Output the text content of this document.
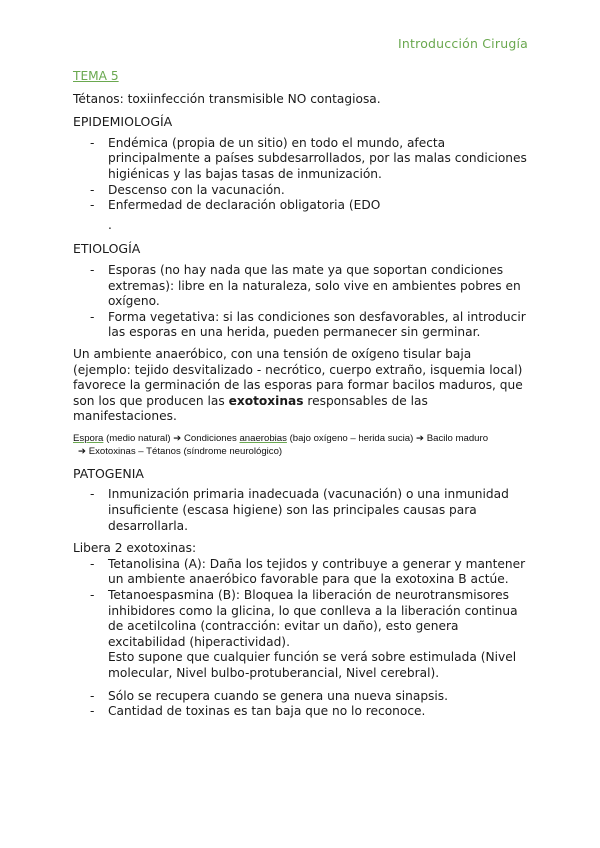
Introducción Cirugía
TEMA 5
Tétanos: toxiinfección transmisible NO contagiosa.
EPIDEMIOLOGÍA
- Endémica (propia de un sitio) en todo el mundo, afecta principalmente a países subdesarrollados, por las malas condiciones higiénicas y las bajas tasas de inmunización.
- Descenso con la vacunación.
- Enfermedad de declaración obligatoria (EDO
.
ETIOLOGÍA
- Esporas (no hay nada que las mate ya que soportan condiciones extremas): libre en la naturaleza, solo vive en ambientes pobres en oxígeno.
- Forma vegetativa: si las condiciones son desfavorables, al introducir las esporas en una herida, pueden permanecer sin germinar.
Un ambiente anaeróbico, con una tensión de oxígeno tisular baja (ejemplo: tejido desvitalizado - necrótico, cuerpo extraño, isquemia local) favorece la germinación de las esporas para formar bacilos maduros, que son los que producen las exotoxinas responsables de las manifestaciones.
Espora (medio natural) ➔ Condiciones anaerobias (bajo oxígeno – herida sucia) ➔ Bacilo maduro
➔ Exotoxinas – Tétanos (síndrome neurológico)
PATOGENIA
- Inmunización primaria inadecuada (vacunación) o una inmunidad insuficiente (escasa higiene) son las principales causas para desarrollarla.
Libera 2 exotoxinas:
- Tetanolisina (A): Daña los tejidos y contribuye a generar y mantener un ambiente anaeróbico favorable para que la exotoxina B actúe.
- Tetanoespasmina (B): Bloquea la liberación de neurotransmisores inhibidores como la glicina, lo que conlleva a la liberación continua de acetilcolina (contracción: evitar un daño), esto genera excitabilidad (hiperactividad).
Esto supone que cualquier función se verá sobre estimulada (Nivel molecular, Nivel bulbo-protuberancial, Nivel cerebral).
- Sólo se recupera cuando se genera una nueva sinapsis.
- Cantidad de toxinas es tan baja que no lo reconoce.
